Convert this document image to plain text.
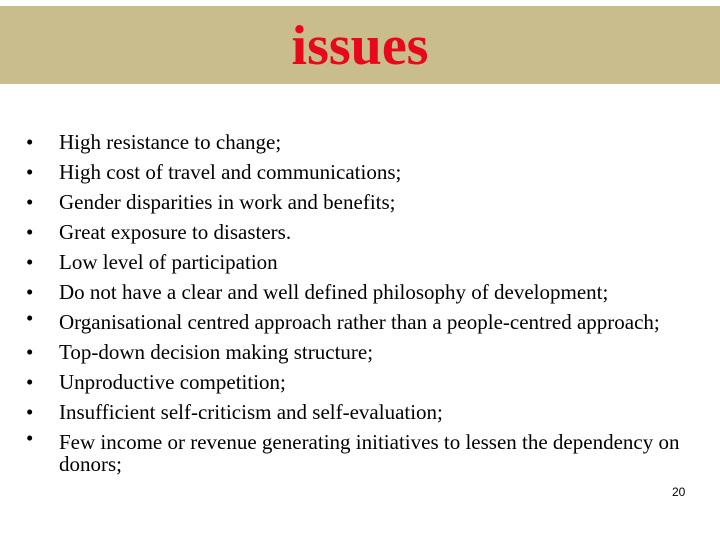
issues
•	High resistance to change;
•	High cost of travel and communications;
•	Gender disparities in work and benefits;
•	Great exposure to disasters.
•	Low level of participation
•	Do not have a clear and well defined philosophy of development;
•	Organisational centred approach rather than a people-centred approach;
•	Top-down decision making structure;
•	Unproductive competition;
•	Insufficient self-criticism and self-evaluation;
•	Few income or revenue generating initiatives to lessen the dependency on donors;
20
